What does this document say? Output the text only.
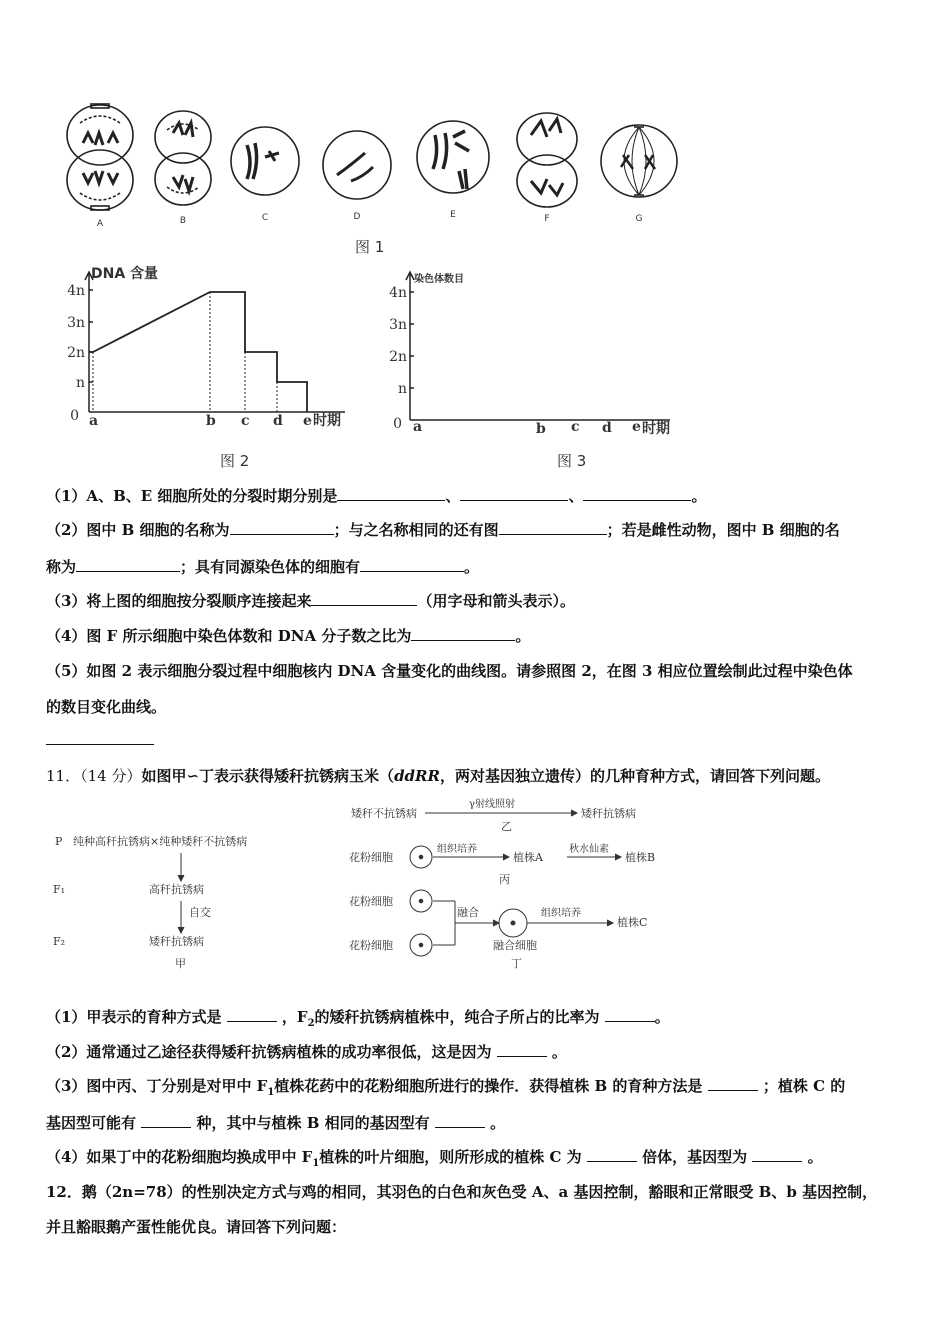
A	B	C	D	E	F	G
图 1
DNA 含量
4n
3n
2n
n
0 a	b c d e 时期
图 2
染色体数目
4n
3n
2n
n
0 a	b c d e 时期
图 3
（1）A、B、E 细胞所处的分裂时期分别是	、	、	。
（2）图中 B 细胞的名称为	；与之名称相同的还有图	；若是雌性动物，图中 B 细胞的名
称为	；具有同源染色体的细胞有	。
（3）将上图的细胞按分裂顺序连接起来	（用字母和箭头表示）。
（4）图 F 所示细胞中染色体数和 DNA 分子数之比为	。
（5）如图 2 表示细胞分裂过程中细胞核内 DNA 含量变化的曲线图。请参照图 2，在图 3 相应位置绘制此过程中染色体
的数目变化曲线。
11．（14 分）如图甲∽丁表示获得矮秆抗锈病玉米（ddRR，两对基因独立遗传）的几种育种方式，请回答下列问题。
P 纯种高秆抗锈病×纯种矮秆不抗锈病
F₁	高秆抗锈病
自交
F₂	矮秆抗锈病
甲
矮秆不抗锈病
γ射线照射
矮秆抗锈病
乙
花粉细胞
组织培养
植株A
秋水仙素
植株B
丙
花粉细胞
花粉细胞
融合	组织培养
植株C
融合细胞
丁
（1）甲表示的育种方式是	，$F_2$的矮秆抗锈病植株中，纯合子所占的比率为	。
（2）通常通过乙途径获得矮秆抗锈病植株的成功率很低，这是因为	。
（3）图中丙、丁分别是对甲中 $F_1$植株花药中的花粉细胞所进行的操作．获得植株 B 的育种方法是	；植株 C 的
基因型可能有	种，其中与植株 B 相同的基因型有	。
（4）如果丁中的花粉细胞均换成甲中 $F_1$植株的叶片细胞，则所形成的植株 C 为	倍体，基因型为	。
12．鹅（2n=78）的性别决定方式与鸡的相同，其羽色的白色和灰色受 A、a 基因控制，豁眼和正常眼受 B、b 基因控制，
并且豁眼鹅产蛋性能优良。请回答下列问题：
